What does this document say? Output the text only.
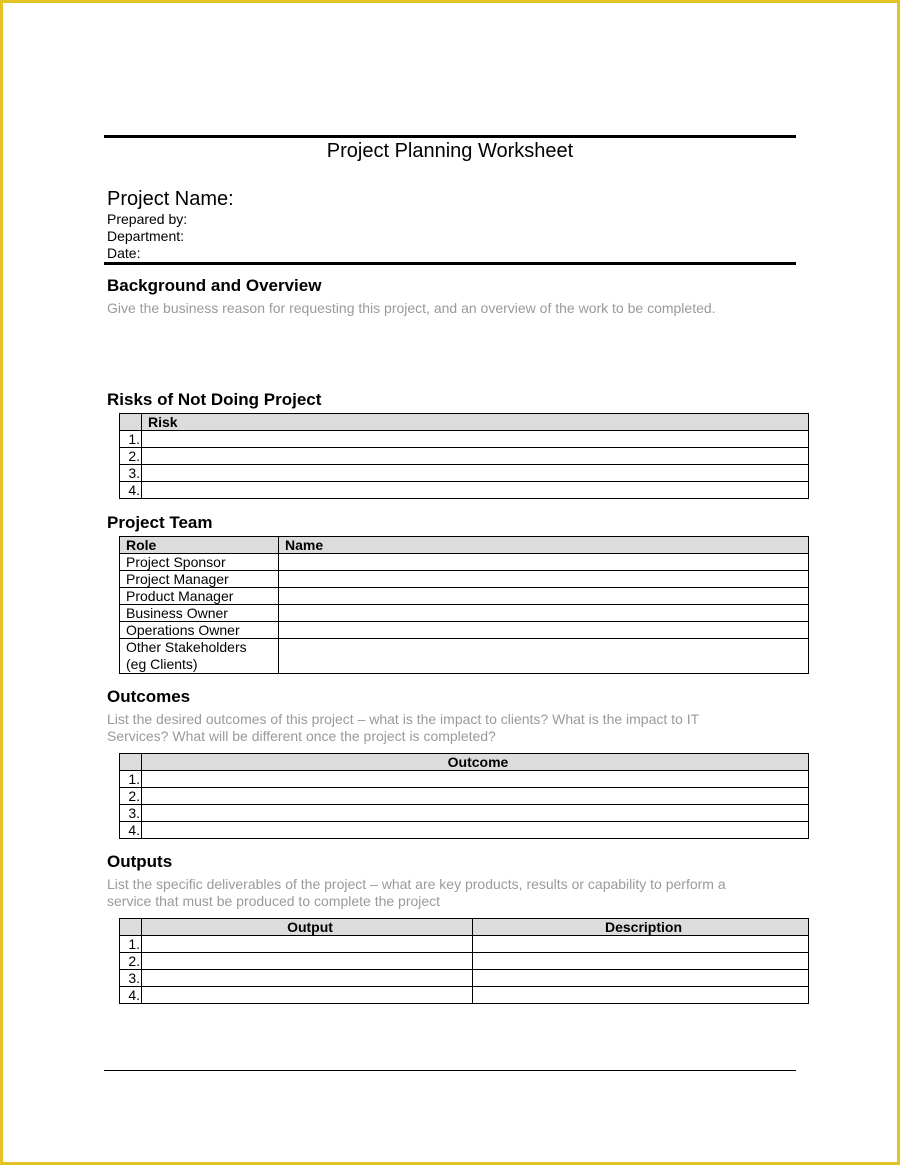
Project Planning Worksheet
Project Name:
Prepared by:
Department:
Date:
Background and Overview
Give the business reason for requesting this project, and an overview of the work to be completed.
Risks of Not Doing Project
	Risk
1.	
2.	
3.	
4.	
Project Team
Role	Name
Project Sponsor	
Project Manager	
Product Manager	
Business Owner	
Operations Owner	

Other Stakeholders
(eg Clients)	

Outcomes
List the desired outcomes of this project – what is the impact to clients? What is the impact to IT
Services? What will be different once the project is completed?
	Outcome
1.	
2.	
3.	
4.	
Outputs
List the specific deliverables of the project – what are key products, results or capability to perform a
service that must be produced to complete the project
	Output	Description
1.		
2.		
3.		
4.		
